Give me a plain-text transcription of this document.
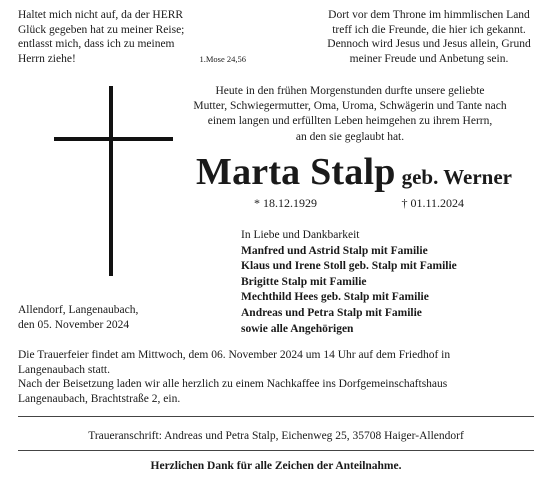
Haltet mich nicht auf, da der HERR
Glück gegeben hat zu meiner Reise;
entlasst mich, dass ich zu meinem
Herrn ziehe!	1.Mose 24,56
Dort vor dem Throne im himmlischen Land
treff ich die Freunde, die hier ich gekannt.
Dennoch wird Jesus und Jesus allein, Grund
meiner Freude und Anbetung sein.
Heute in den frühen Morgenstunden durfte unsere geliebte
Mutter, Schwiegermutter, Oma, Uroma, Schwägerin und Tante nach
einem langen und erfüllten Leben heimgehen zu ihrem Herrn,
an den sie geglaubt hat.
Marta Stalp geb. Werner
* 18.12.1929	† 01.11.2024
In Liebe und Dankbarkeit
Manfred und Astrid Stalp mit Familie
Klaus und Irene Stoll geb. Stalp mit Familie
Brigitte Stalp mit Familie
Mechthild Hees geb. Stalp mit Familie
Andreas und Petra Stalp mit Familie
sowie alle Angehörigen
Allendorf, Langenaubach,
den 05. November 2024
Die Trauerfeier findet am Mittwoch, dem 06. November 2024 um 14 Uhr auf dem Friedhof in
Langenaubach statt.
Nach der Beisetzung laden wir alle herzlich zu einem Nachkaffee ins Dorfgemeinschaftshaus
Langenaubach, Brachtstraße 2, ein.
Traueranschrift: Andreas und Petra Stalp, Eichenweg 25, 35708 Haiger-Allendorf
Herzlichen Dank für alle Zeichen der Anteilnahme.
